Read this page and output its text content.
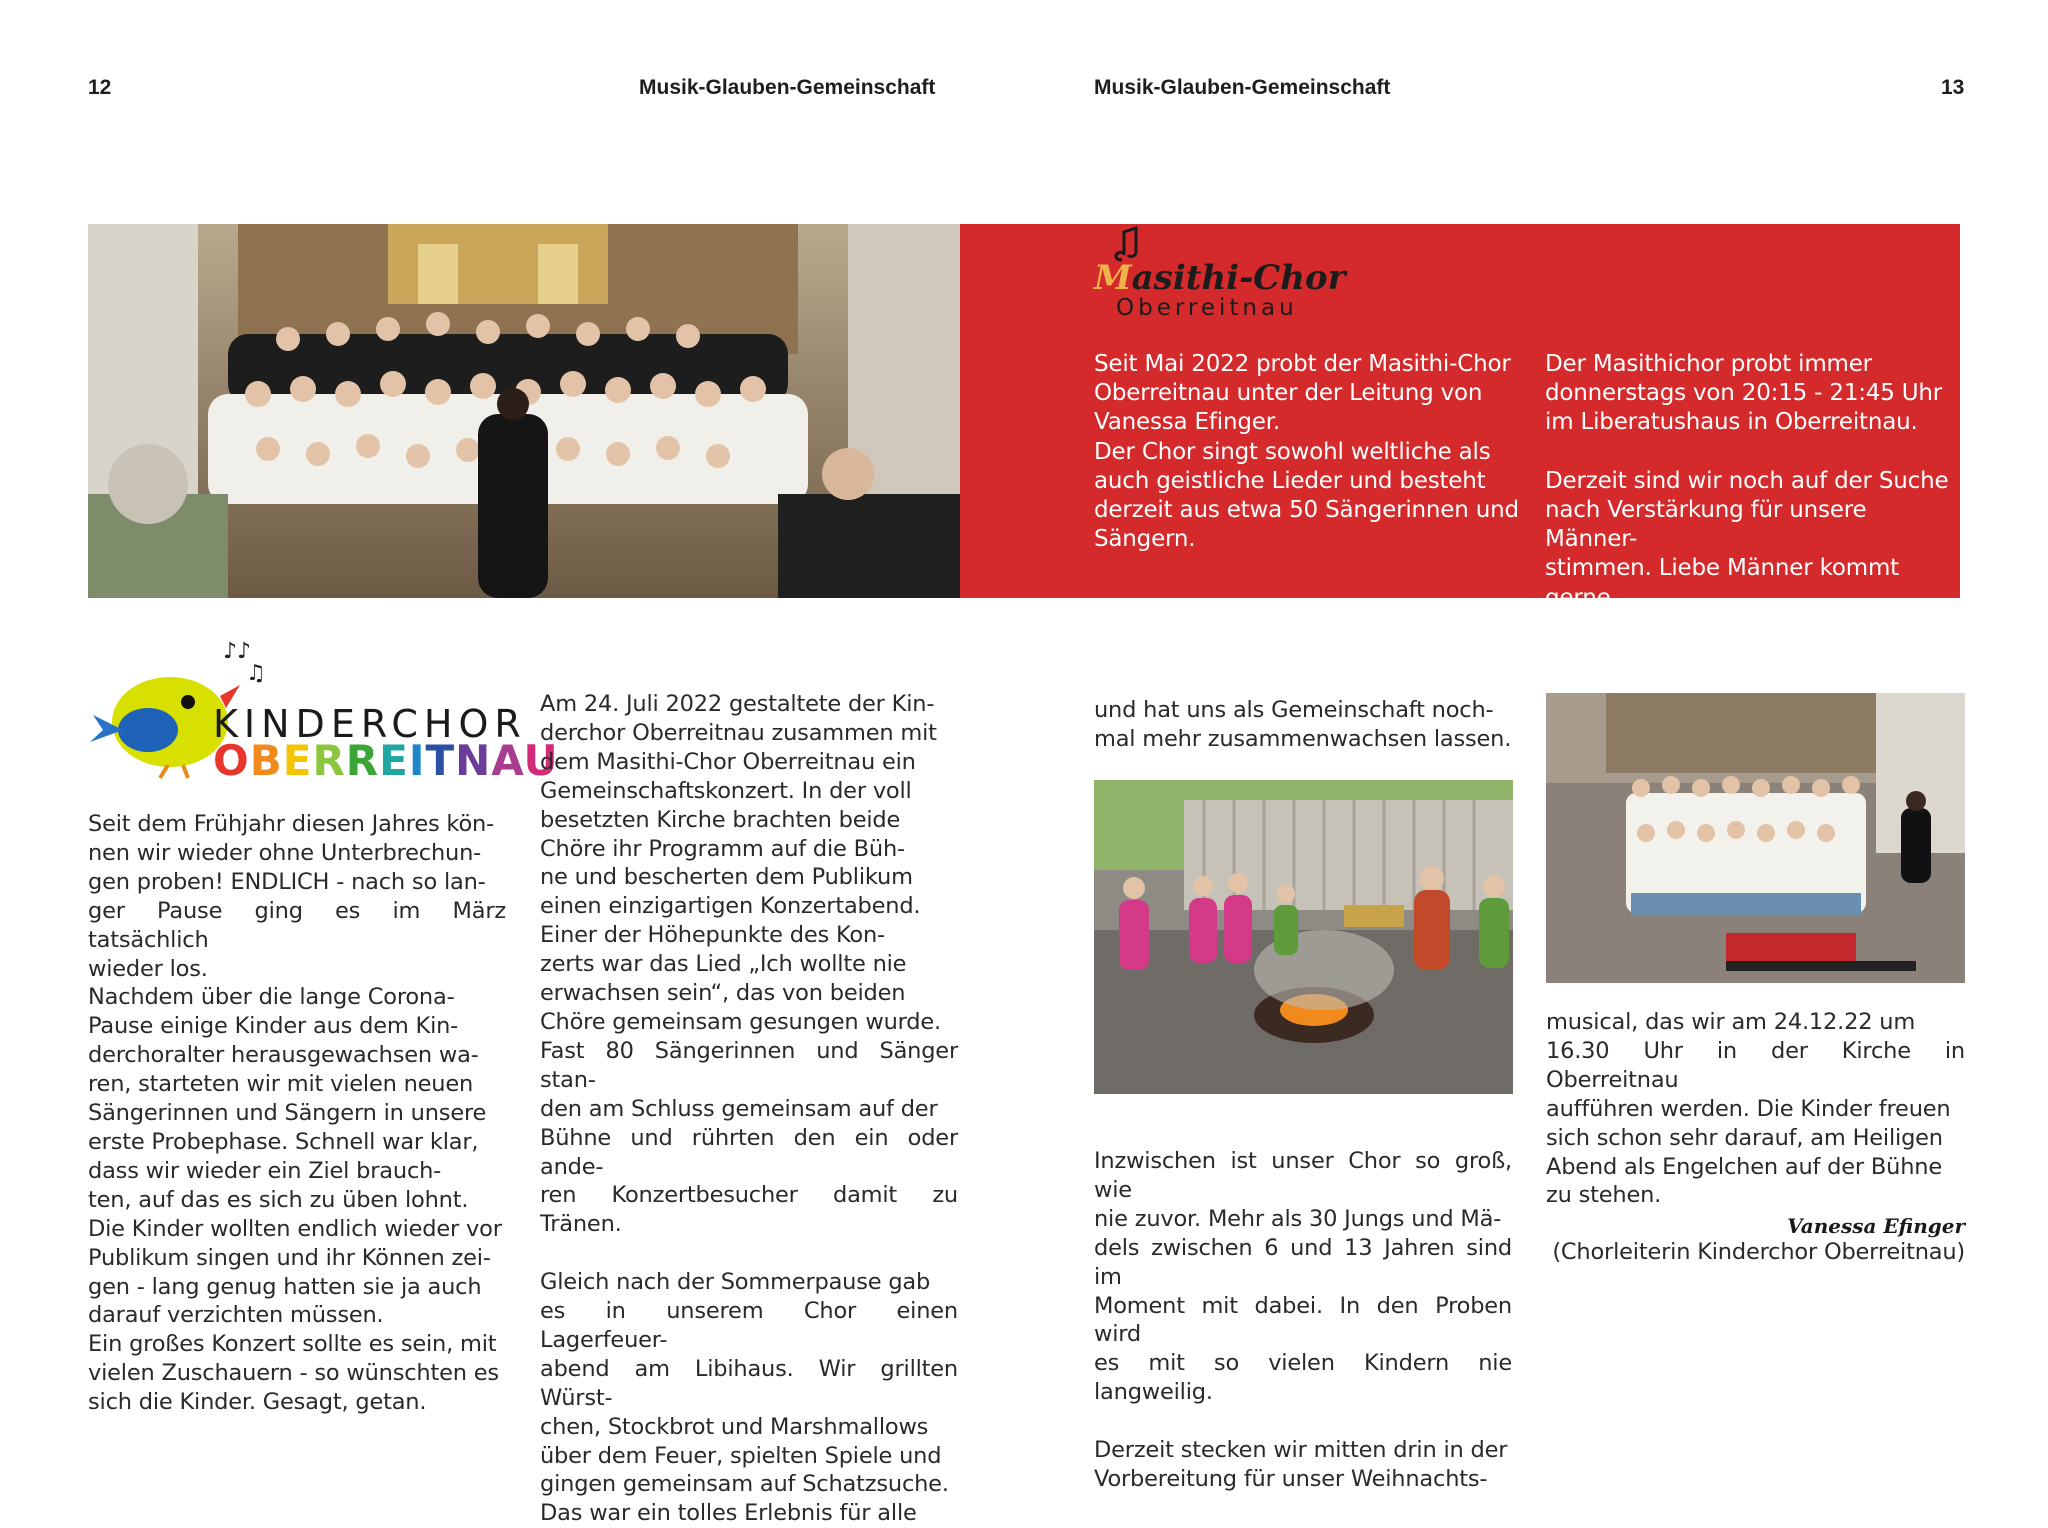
12	Musik-Glauben-Gemeinschaft	Musik-Glauben-Gemeinschaft	13
Masithi-Chor
Oberreitnau

Seit Mai 2022 probt der Masithi-Chor
Oberreitnau unter der Leitung von
Vanessa Efinger.
Der Chor singt sowohl weltliche als
auch geistliche Lieder und besteht
derzeit aus etwa 50 Sängerinnen und
Sängern.

Der Masithichor probt immer
donnerstags von 20:15 - 21:45 Uhr
im Liberatushaus in Oberreitnau.

Derzeit sind wir noch auf der Suche
nach Verstärkung für unsere Männer-
stimmen. Liebe Männer kommt gerne
vorbei und schnuppert mal bei uns rein.

♪♪
♫
KINDERCHOR
OBERREITNAU

Seit dem Frühjahr diesen Jahres kön-
nen wir wieder ohne Unterbrechun-
gen proben! ENDLICH - nach so lan-
ger Pause ging es im März tatsächlich
wieder los.
Nachdem über die lange Corona-
Pause einige Kinder aus dem Kin-
derchoralter herausgewachsen wa-
ren, starteten wir mit vielen neuen
Sängerinnen und Sängern in unsere
erste Probephase. Schnell war klar,
dass wir wieder ein Ziel brauch-
ten, auf das es sich zu üben lohnt.
Die Kinder wollten endlich wieder vor
Publikum singen und ihr Können zei-
gen - lang genug hatten sie ja auch
darauf verzichten müssen.
Ein großes Konzert sollte es sein, mit
vielen Zuschauern - so wünschten es
sich die Kinder. Gesagt, getan.

Am 24. Juli 2022 gestaltete der Kin-
derchor Oberreitnau zusammen mit
dem Masithi-Chor Oberreitnau ein
Gemeinschaftskonzert. In der voll
besetzten Kirche brachten beide
Chöre ihr Programm auf die Büh-
ne und bescherten dem Publikum
einen einzigartigen Konzertabend.
Einer der Höhepunkte des Kon-
zerts war das Lied „Ich wollte nie
erwachsen sein“, das von beiden
Chöre gemeinsam gesungen wurde.
Fast 80 Sängerinnen und Sänger stan-
den am Schluss gemeinsam auf der
Bühne und rührten den ein oder ande-
ren Konzertbesucher damit zu Tränen.

Gleich nach der Sommerpause gab
es in unserem Chor einen Lagerfeuer-
abend am Libihaus. Wir grillten Würst-
chen, Stockbrot und Marshmallows
über dem Feuer, spielten Spiele und
gingen gemeinsam auf Schatzsuche.
Das war ein tolles Erlebnis für alle

und hat uns als Gemeinschaft noch-
mal mehr zusammenwachsen lassen.

Inzwischen ist unser Chor so groß, wie
nie zuvor. Mehr als 30 Jungs und Mä-
dels zwischen 6 und 13 Jahren sind im
Moment mit dabei. In den Proben wird
es mit so vielen Kindern nie langweilig.

Derzeit stecken wir mitten drin in der
Vorbereitung für unser Weihnachts-

musical, das wir am 24.12.22 um
16.30 Uhr in der Kirche in Oberreitnau
aufführen werden. Die Kinder freuen
sich schon sehr darauf, am Heiligen
Abend als Engelchen auf der Bühne
zu stehen.

Vanessa Efinger
(Chorleiterin Kinderchor Oberreitnau)
